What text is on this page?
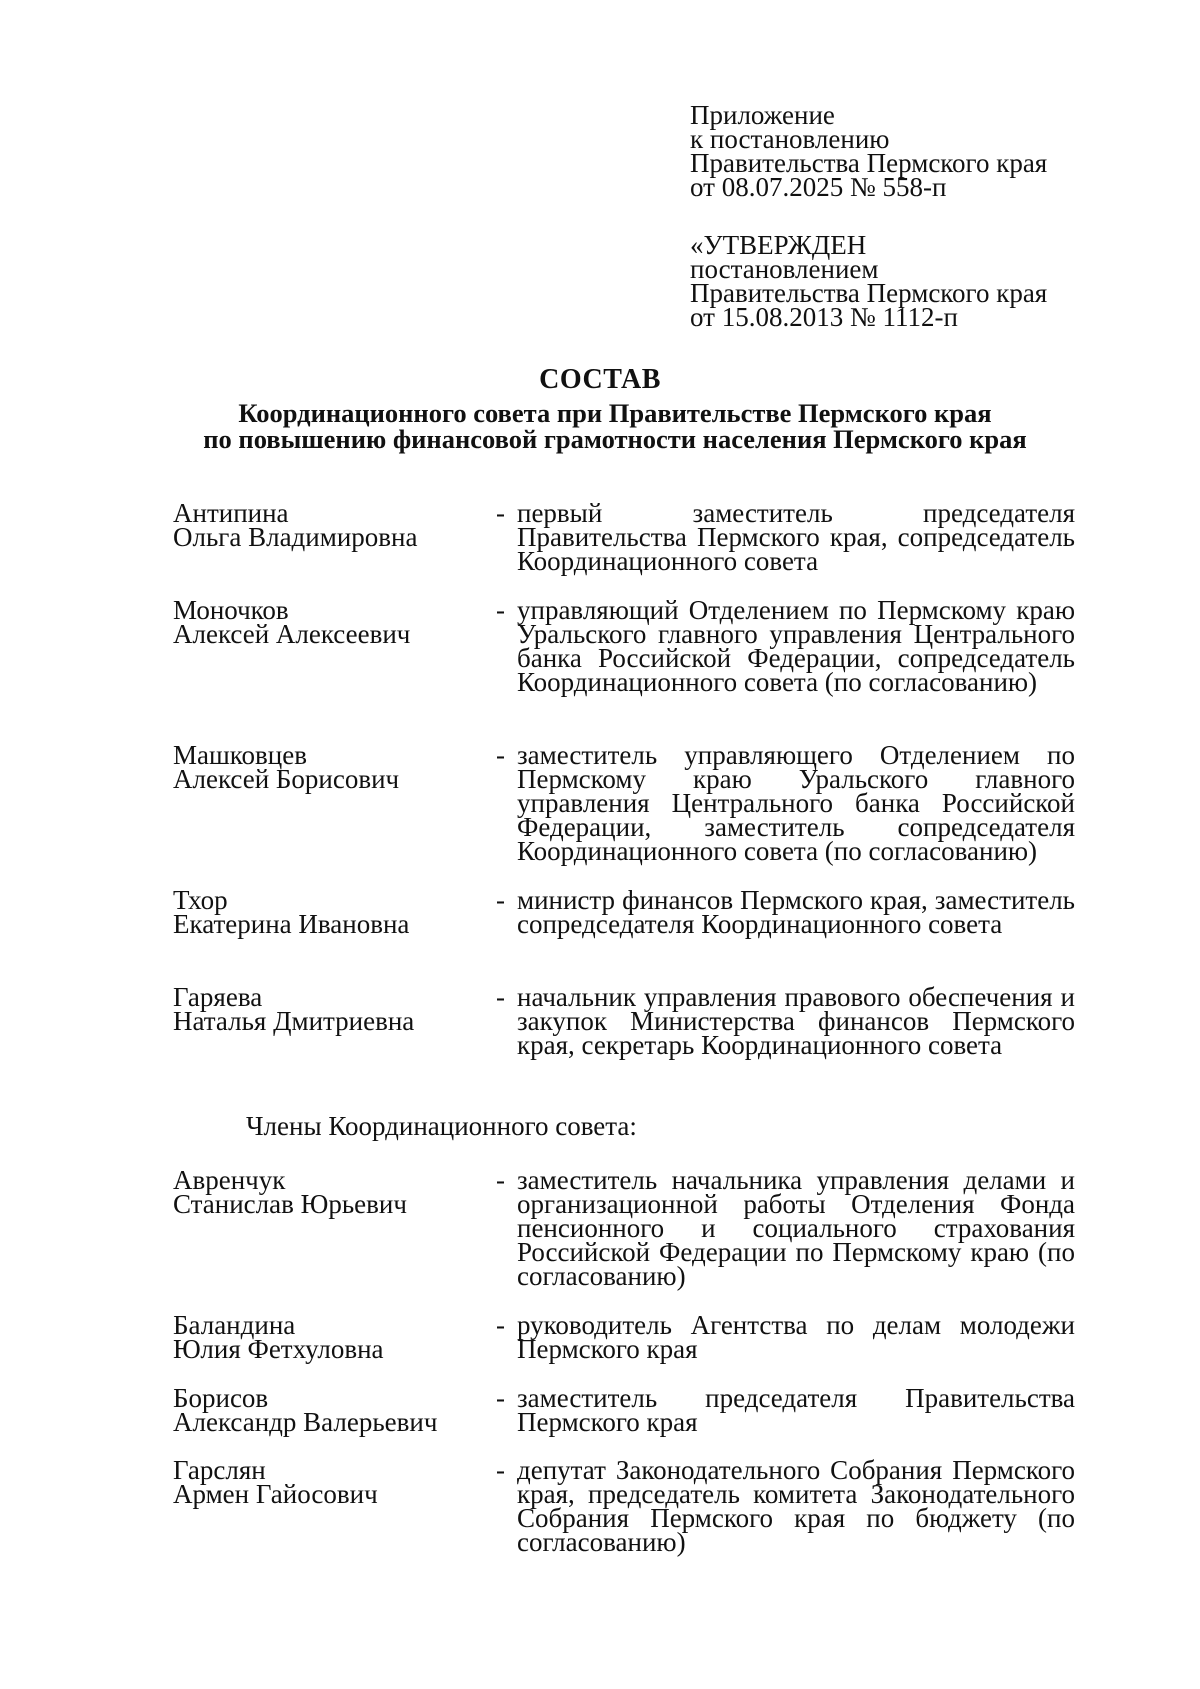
Приложение
к постановлению
Правительства Пермского края
от 08.07.2025 № 558-п
«УТВЕРЖДЕН
постановлением
Правительства Пермского края
от 15.08.2013 № 1112-п
СОСТАВ
Координационного совета при Правительстве Пермского края
по повышению финансовой грамотности населения Пермского края
Антипина
Ольга Владимировна
- первый заместитель председателя Правительства Пермского края, сопредседатель Координационного совета
Моночков
Алексей Алексеевич
- управляющий Отделением по Пермскому краю Уральского главного управления Центрального банка Российской Федерации, сопредседатель Координационного совета (по согласованию)
Машковцев
Алексей Борисович
- заместитель управляющего Отделением по Пермскому краю Уральского главного управления Центрального банка Российской Федерации, заместитель сопредседателя Координационного совета (по согласованию)
Тхор
Екатерина Ивановна
- министр финансов Пермского края, заместитель сопредседателя Координационного совета
Гаряева
Наталья Дмитриевна
- начальник управления правового обеспечения и закупок Министерства финансов Пермского края, секретарь Координационного совета
Члены Координационного совета:
Авренчук
Станислав Юрьевич
- заместитель начальника управления делами и организационной работы Отделения Фонда пенсионного и социального страхования Российской Федерации по Пермскому краю (по согласованию)
Баландина
Юлия Фетхуловна
- руководитель Агентства по делам молодежи Пермского края
Борисов
Александр Валерьевич
- заместитель председателя Правительства Пермского края
Гарслян
Армен Гайосович
- депутат Законодательного Собрания Пермского края, председатель комитета Законодательного Собрания Пермского края по бюджету (по согласованию)
